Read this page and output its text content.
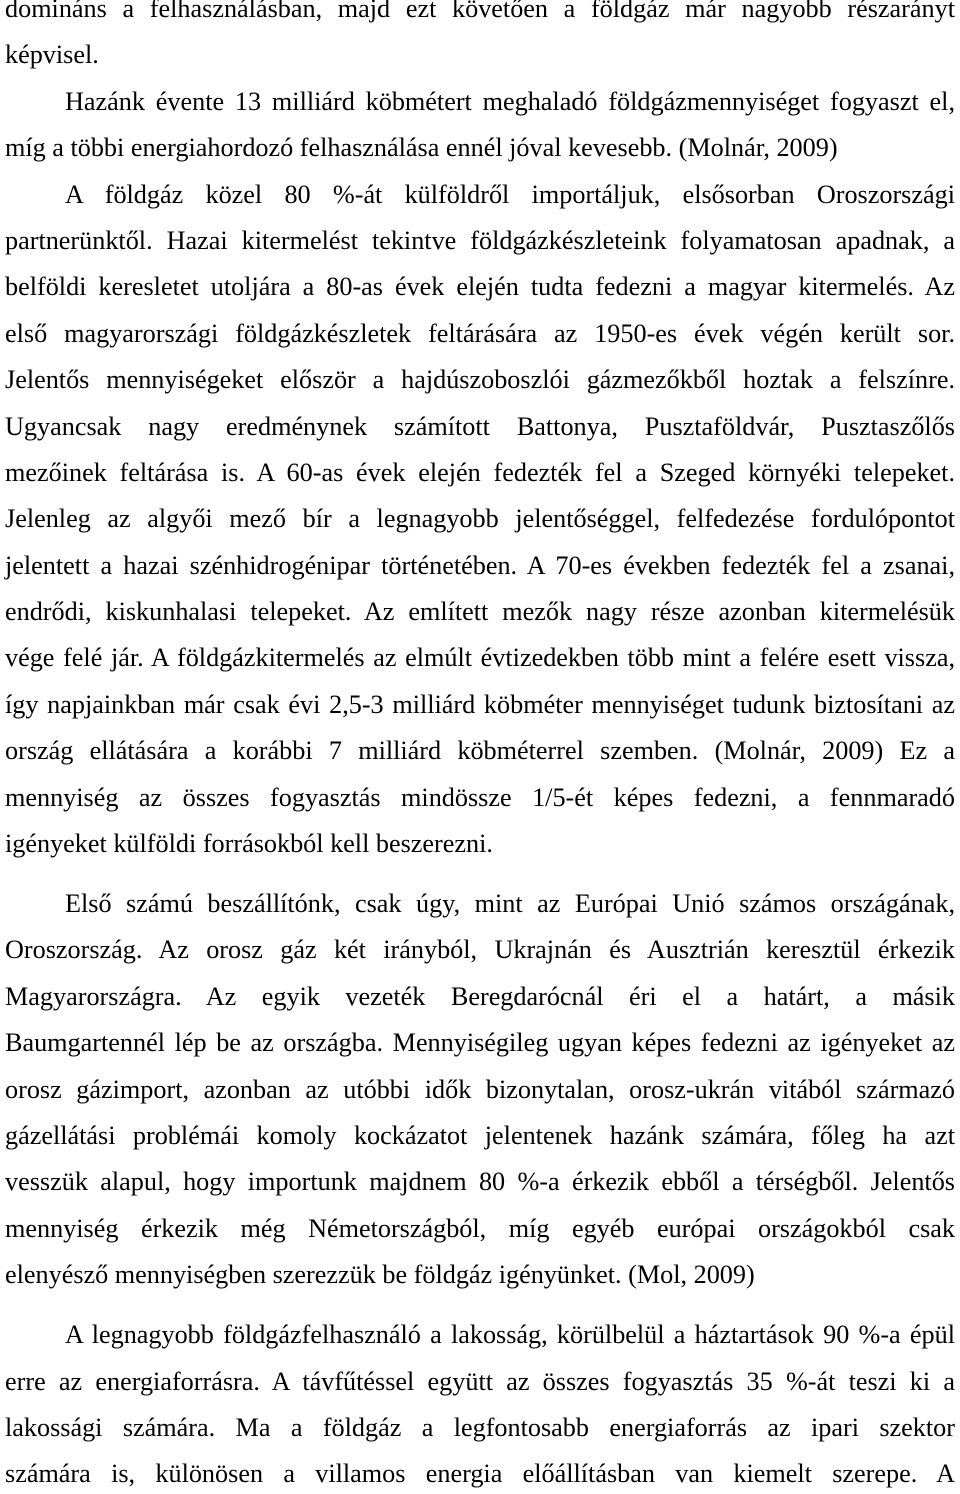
domináns a felhasználásban, majd ezt követően a földgáz már nagyobb részarányt
képvisel.
Hazánk évente 13 milliárd köbmétert meghaladó földgázmennyiséget fogyaszt el,
míg a többi energiahordozó felhasználása ennél jóval kevesebb. (Molnár, 2009)
A földgáz közel 80 %-át külföldről importáljuk, elsősorban Oroszországi
partnerünktől. Hazai kitermelést tekintve földgázkészleteink folyamatosan apadnak, a
belföldi keresletet utoljára a 80-as évek elején tudta fedezni a magyar kitermelés. Az
első magyarországi földgázkészletek feltárására az 1950-es évek végén került sor.
Jelentős mennyiségeket először a hajdúszoboszlói gázmezőkből hoztak a felszínre.
Ugyancsak nagy eredménynek számított Battonya, Pusztaföldvár, Pusztaszőlős
mezőinek feltárása is. A 60-as évek elején fedezték fel a Szeged környéki telepeket.
Jelenleg az algyői mező bír a legnagyobb jelentőséggel, felfedezése fordulópontot
jelentett a hazai szénhidrogénipar történetében. A 70-es években fedezték fel a zsanai,
endrődi, kiskunhalasi telepeket. Az említett mezők nagy része azonban kitermelésük
vége felé jár. A földgázkitermelés az elmúlt évtizedekben több mint a felére esett vissza,
így napjainkban már csak évi 2,5-3 milliárd köbméter mennyiséget tudunk biztosítani az
ország ellátására a korábbi 7 milliárd köbméterrel szemben. (Molnár, 2009) Ez a
mennyiség az összes fogyasztás mindössze 1/5-ét képes fedezni, a fennmaradó
igényeket külföldi forrásokból kell beszerezni.
Első számú beszállítónk, csak úgy, mint az Európai Unió számos országának,
Oroszország. Az orosz gáz két irányból, Ukrajnán és Ausztrián keresztül érkezik
Magyarországra. Az egyik vezeték Beregdarócnál éri el a határt, a másik
Baumgartennél lép be az országba. Mennyiségileg ugyan képes fedezni az igényeket az
orosz gázimport, azonban az utóbbi idők bizonytalan, orosz-ukrán vitából származó
gázellátási problémái komoly kockázatot jelentenek hazánk számára, főleg ha azt
vesszük alapul, hogy importunk majdnem 80 %-a érkezik ebből a térségből. Jelentős
mennyiség érkezik még Németországból, míg egyéb európai országokból csak
elenyésző mennyiségben szerezzük be földgáz igényünket. (Mol, 2009)
A legnagyobb földgázfelhasználó a lakosság, körülbelül a háztartások 90 %-a épül
erre az energiaforrásra. A távfűtéssel együtt az összes fogyasztás 35 %-át teszi ki a
lakossági számára. Ma a földgáz a legfontosabb energiaforrás az ipari szektor
számára is, különösen a villamos energia előállításban van kiemelt szerepe. A
